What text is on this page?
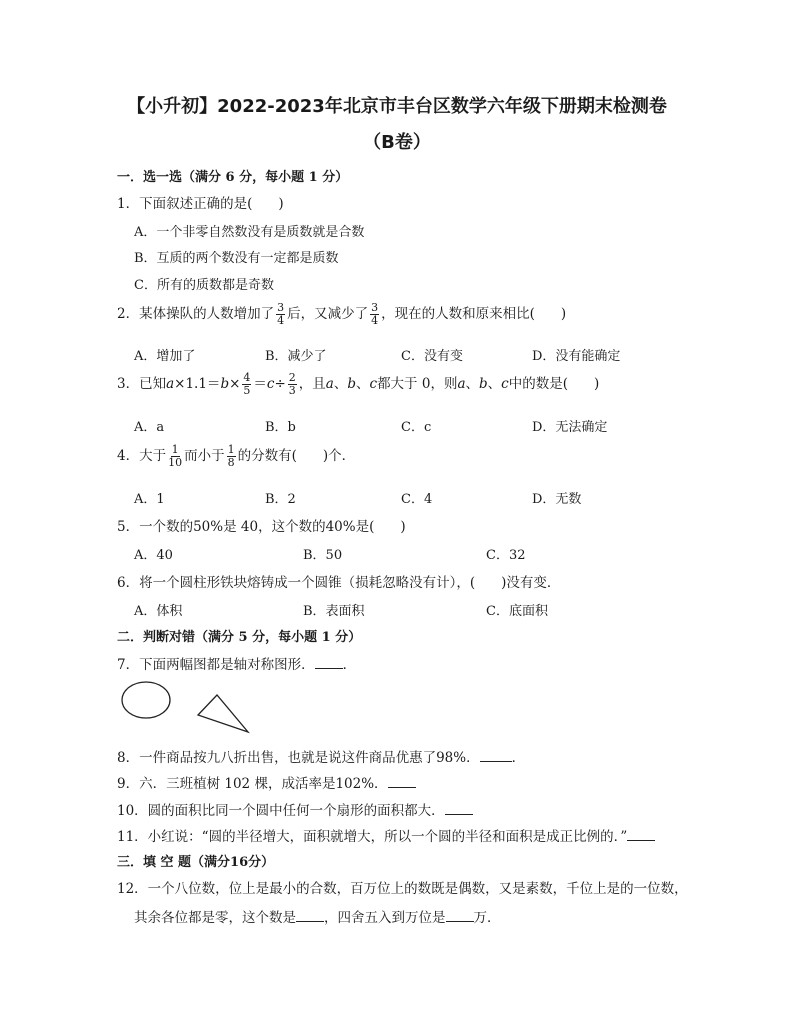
【小升初】2022-2023年北京市丰台区数学六年级下册期末检测卷
（B卷）
一．选一选（满分 6 分，每小题 1 分）
1．下面叙述正确的是( )
A．一个非零自然数没有是质数就是合数
B．互质的两个数没有一定都是质数
C．所有的质数都是奇数
2．某体操队的人数增加了 $\frac{3}{4}$ 后，又减少了 $\frac{3}{4}$ ，现在的人数和原来相比( )
A．增加了	B．减少了	C．没有变	D．没有能确定
3．已知$a\times 1.1=b\times \frac{4}{5} =c\div \frac{2}{3}$ ，且a、b、c都大于 0，则a、b、c中的数是( )
A．a	B．b	C．c	D．无法确定
4．大于 $\frac{1}{10}$ 而小于 $\frac{1}{8}$ 的分数有( )个．
A．1	B．2	C．4	D．无数
5．一个数的50%是 40，这个数的40%是( )
A．40	B．50	C．32
6．将一个圆柱形铁块熔铸成一个圆锥（损耗忽略没有计），( )没有变．
A．体积	B．表面积	C．底面积
二．判断对错（满分 5 分，每小题 1 分）
7．下面两幅图都是轴对称图形． ．
8．一件商品按九八折出售，也就是说这件商品优惠了98%． ．
9．六．三班植树 102 棵，成活率是102%．
10．圆的面积比同一个圆中任何一个扇形的面积都大．
11．小红说：“圆的半径增大，面积就增大，所以一个圆的半径和面积是成正比例的．”
三．填 空 题（满分16分）
12．一个八位数，位上是最小的合数，百万位上的数既是偶数，又是素数，千位上是的一位数，
其余各位都是零，这个数是 ，四舍五入到万位是 万．
